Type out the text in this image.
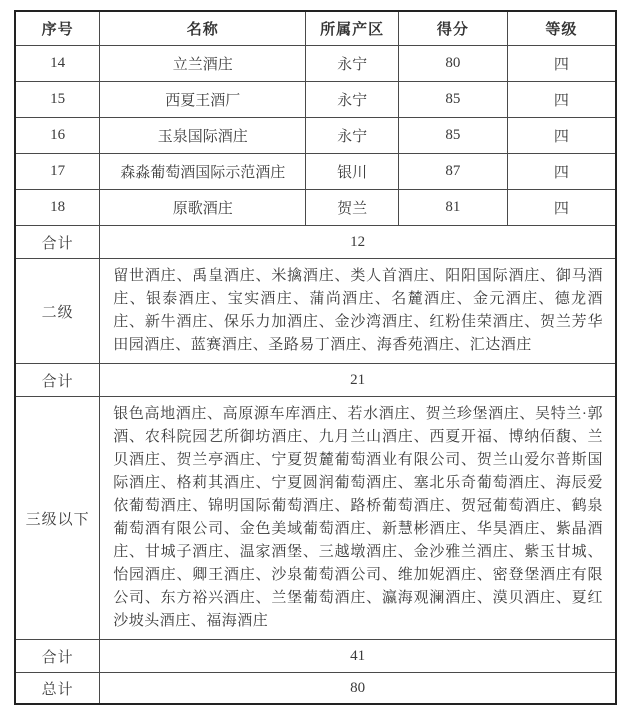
序号	名称	所属产区	得分	等级
14	立兰酒庄	永宁	80	四
15	西夏王酒厂	永宁	85	四
16	玉泉国际酒庄	永宁	85	四
17	森淼葡萄酒国际示范酒庄	银川	87	四
18	原歌酒庄	贺兰	81	四
合计	12			
二级	留世酒庄、禹皇酒庄、米擒酒庄、类人首酒庄、阳阳国际酒庄、御马酒庄、银泰酒庄、宝实酒庄、蒲尚酒庄、名麓酒庄、金元酒庄、德龙酒庄、新牛酒庄、保乐力加酒庄、金沙湾酒庄、红粉佳荣酒庄、贺兰芳华田园酒庄、蓝赛酒庄、圣路易丁酒庄、海香苑酒庄、汇达酒庄			
合计	21			
三级以下	银色高地酒庄、高原源车库酒庄、若水酒庄、贺兰珍堡酒庄、吴特兰·郭酒、农科院园艺所御坊酒庄、九月兰山酒庄、西夏开福、博纳佰馥、兰贝酒庄、贺兰亭酒庄、宁夏贺麓葡萄酒业有限公司、贺兰山爱尔普斯国际酒庄、格莉其酒庄、宁夏圆润葡萄酒庄、塞北乐奇葡萄酒庄、海辰爱依葡萄酒庄、锦明国际葡萄酒庄、路桥葡萄酒庄、贺冠葡萄酒庄、鹤泉葡萄酒有限公司、金色美域葡萄酒庄、新慧彬酒庄、华昊酒庄、紫晶酒庄、甘城子酒庄、温家酒堡、三越墩酒庄、金沙雅兰酒庄、紫玉甘城、怡园酒庄、卿王酒庄、沙泉葡萄酒公司、维加妮酒庄、密登堡酒庄有限公司、东方裕兴酒庄、兰堡葡萄酒庄、瀛海观澜酒庄、漠贝酒庄、夏红沙坡头酒庄、福海酒庄			
合计	41			
总计	80			
